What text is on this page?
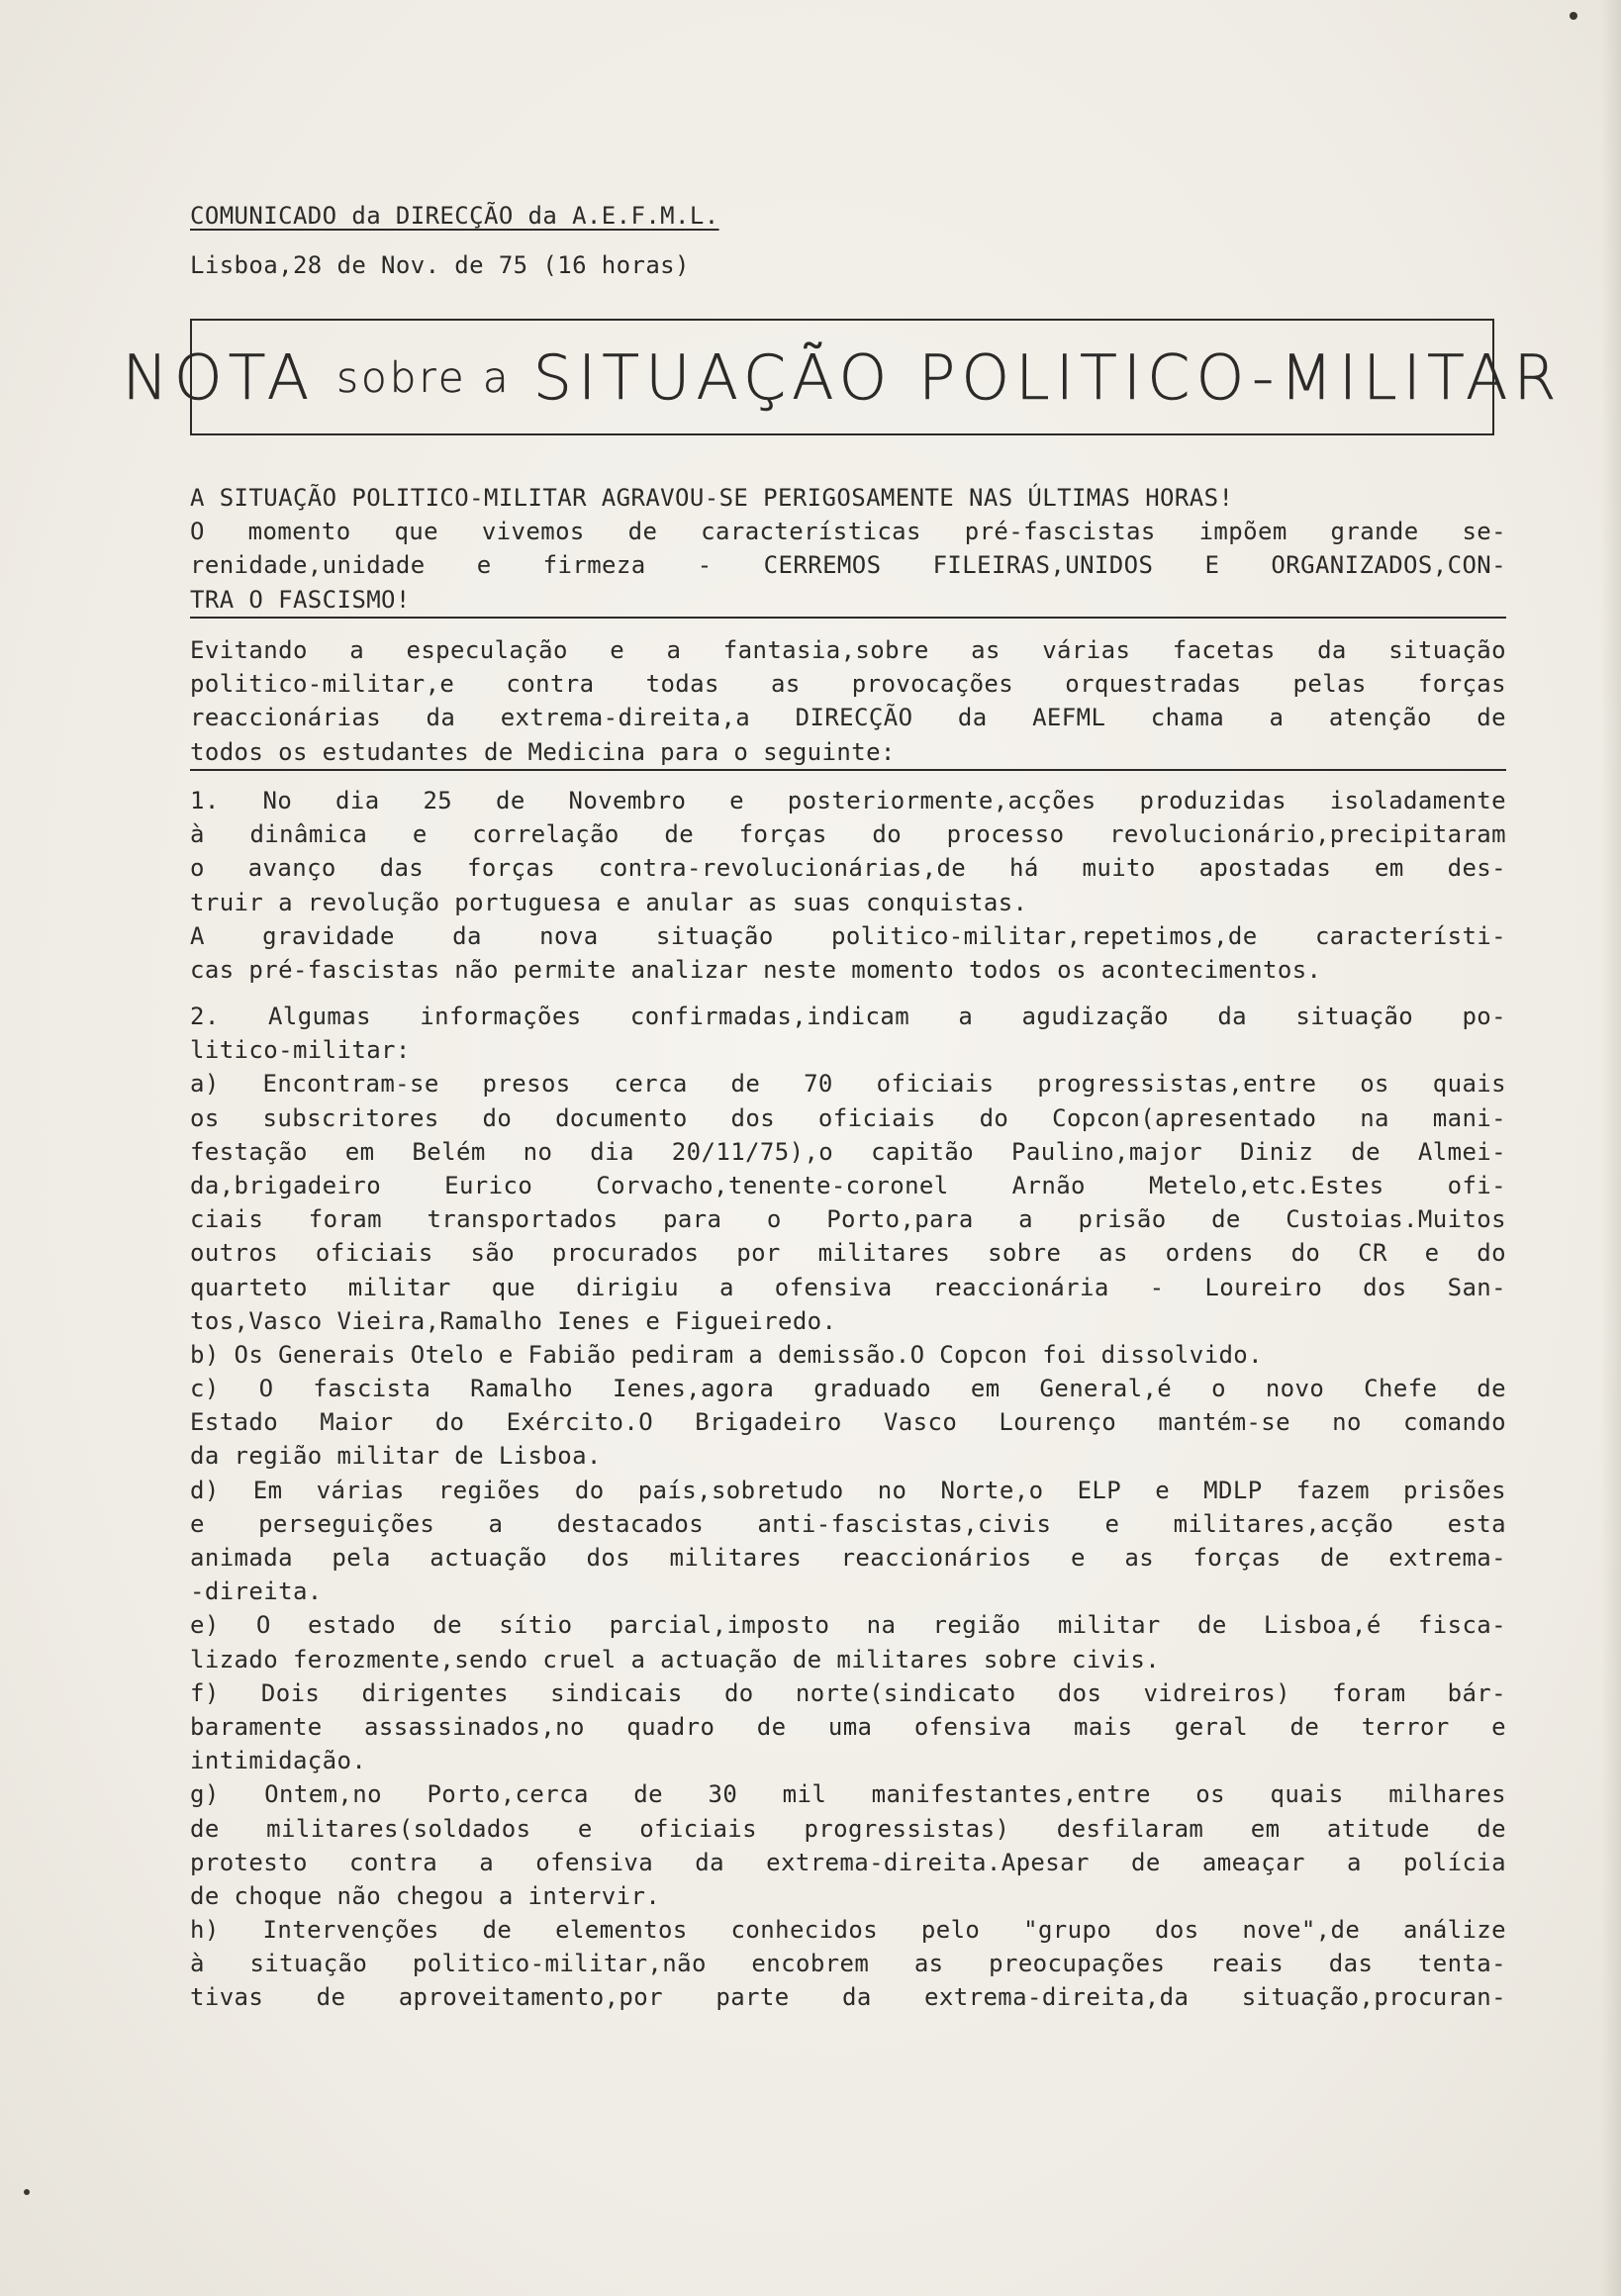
COMUNICADO da DIRECÇÃO da A.E.F.M.L.
Lisboa,28 de Nov. de 75 (16 horas)
NOTA sobre a SITUAÇÃO POLITICO-MILITAR
A SITUAÇÃO POLITICO-MILITAR AGRAVOU-SE PERIGOSAMENTE NAS ÚLTIMAS HORAS!
O momento que vivemos de características pré-fascistas impõem grande se-
renidade,unidade e firmeza - CERREMOS FILEIRAS,UNIDOS E ORGANIZADOS,CON-
TRA O FASCISMO!
Evitando a especulação e a fantasia,sobre as várias facetas da situação
politico-militar,e contra todas as provocações orquestradas pelas forças
reaccionárias da extrema-direita,a DIRECÇÃO da AEFML chama a atenção de
todos os estudantes de Medicina para o seguinte:
1. No dia 25 de Novembro e posteriormente,acções produzidas isoladamente
à dinâmica e correlação de forças do processo revolucionário,precipitaram
o avanço das forças contra-revolucionárias,de há muito apostadas em des-
truir a revolução portuguesa e anular as suas conquistas.
A gravidade da nova situação politico-militar,repetimos,de característi-
cas pré-fascistas não permite analizar neste momento todos os acontecimentos.
2. Algumas informações confirmadas,indicam a agudização da situação po-
litico-militar:
a) Encontram-se presos cerca de 70 oficiais progressistas,entre os quais
os subscritores do documento dos oficiais do Copcon(apresentado na mani-
festação em Belém no dia 20/11/75),o capitão Paulino,major Diniz de Almei-
da,brigadeiro Eurico Corvacho,tenente-coronel Arnão Metelo,etc.Estes ofi-
ciais foram transportados para o Porto,para a prisão de Custoias.Muitos
outros oficiais são procurados por militares sobre as ordens do CR e do
quarteto militar que dirigiu a ofensiva reaccionária - Loureiro dos San-
tos,Vasco Vieira,Ramalho Ienes e Figueiredo.
b) Os Generais Otelo e Fabião pediram a demissão.O Copcon foi dissolvido.
c) O fascista Ramalho Ienes,agora graduado em General,é o novo Chefe de
Estado Maior do Exército.O Brigadeiro Vasco Lourenço mantém-se no comando
da região militar de Lisboa.
d) Em várias regiões do país,sobretudo no Norte,o ELP e MDLP fazem prisões
e perseguições a destacados anti-fascistas,civis e militares,acção esta
animada pela actuação dos militares reaccionários e as forças de extrema-
-direita.
e) O estado de sítio parcial,imposto na região militar de Lisboa,é fisca-
lizado ferozmente,sendo cruel a actuação de militares sobre civis.
f) Dois dirigentes sindicais do norte(sindicato dos vidreiros) foram bár-
baramente assassinados,no quadro de uma ofensiva mais geral de terror e
intimidação.
g) Ontem,no Porto,cerca de 30 mil manifestantes,entre os quais milhares
de militares(soldados e oficiais progressistas) desfilaram em atitude de
protesto contra a ofensiva da extrema-direita.Apesar de ameaçar a polícia
de choque não chegou a intervir.
h) Intervenções de elementos conhecidos pelo "grupo dos nove",de análize
à situação politico-militar,não encobrem as preocupações reais das tenta-
tivas de aproveitamento,por parte da extrema-direita,da situação,procuran-
